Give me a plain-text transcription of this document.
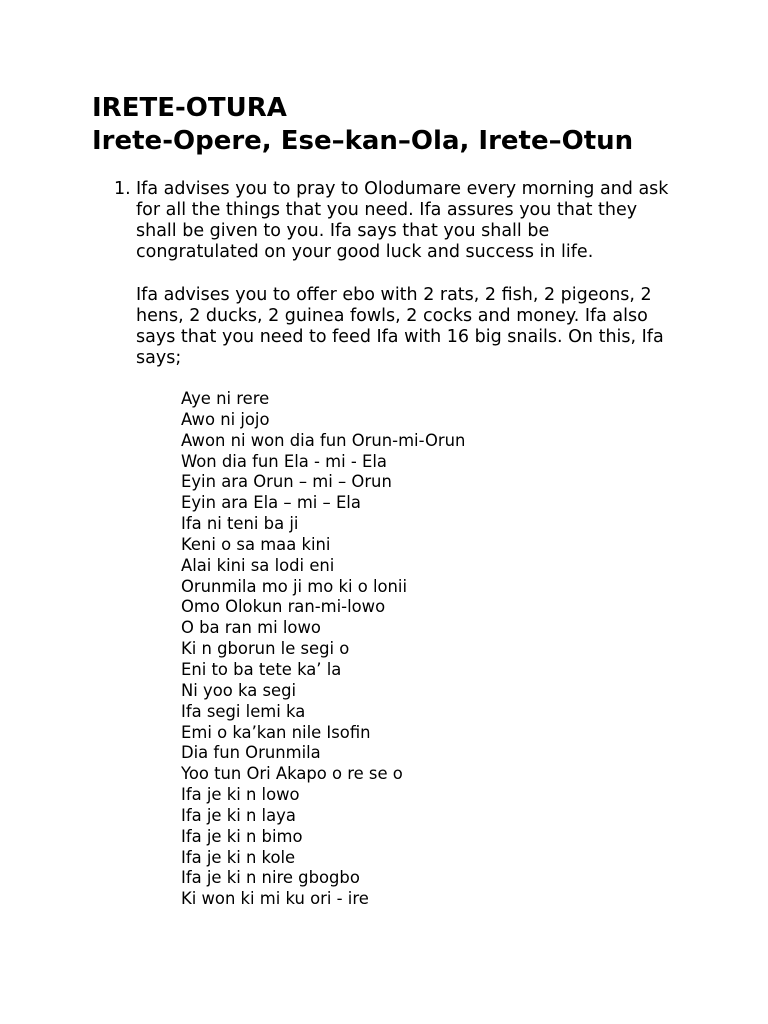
IRETE-OTURA
Irete-Opere, Ese–kan–Ola, Irete–Otun
1. Ifa advises you to pray to Olodumare every morning and ask
for all the things that you need. Ifa assures you that they
shall be given to you. Ifa says that you shall be
congratulated on your good luck and success in life.

Ifa advises you to offer ebo with 2 rats, 2 fish, 2 pigeons, 2
hens, 2 ducks, 2 guinea fowls, 2 cocks and money. Ifa also
says that you need to feed Ifa with 16 big snails. On this, Ifa
says;

Aye ni rere
Awo ni jojo
Awon ni won dia fun Orun-mi-Orun
Won dia fun Ela - mi - Ela
Eyin ara Orun – mi – Orun
Eyin ara Ela – mi – Ela
Ifa ni teni ba ji
Keni o sa maa kini
Alai kini sa lodi eni
Orunmila mo ji mo ki o lonii
Omo Olokun ran-mi-lowo
O ba ran mi lowo
Ki n gborun le segi o
Eni to ba tete ka’ la
Ni yoo ka segi
Ifa segi lemi ka
Emi o ka’kan nile Isofin
Dia fun Orunmila
Yoo tun Ori Akapo o re se o
Ifa je ki n lowo
Ifa je ki n laya
Ifa je ki n bimo
Ifa je ki n kole
Ifa je ki n nire gbogbo
Ki won ki mi ku ori - ire
